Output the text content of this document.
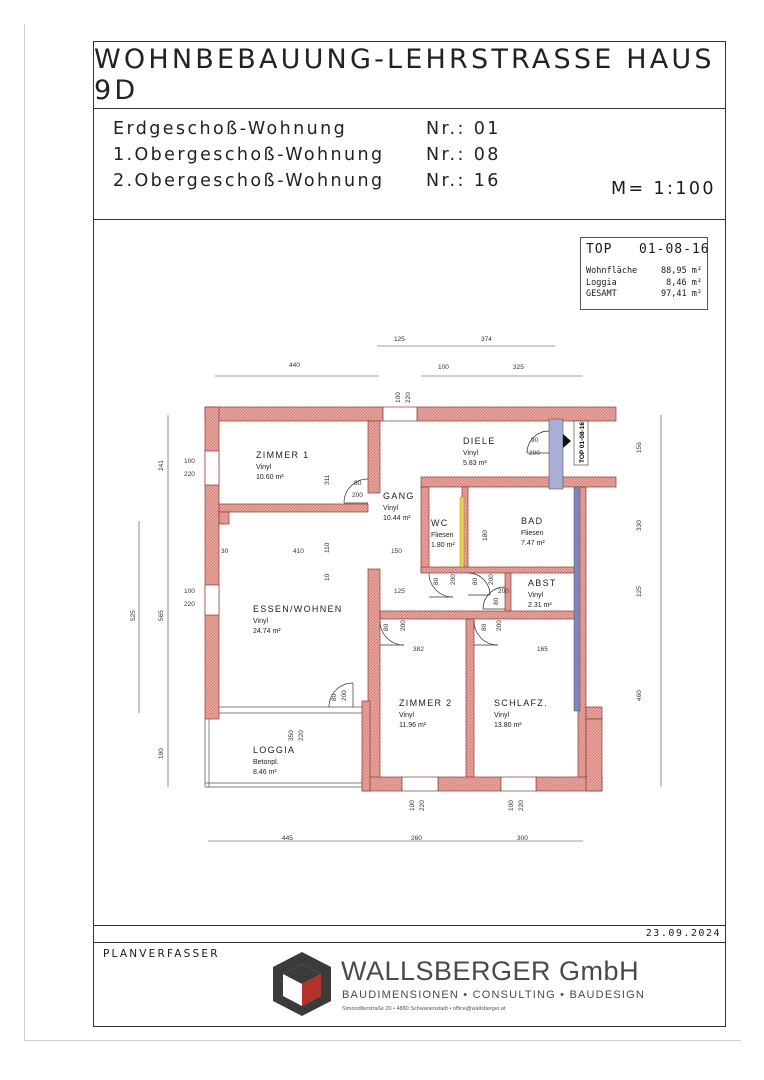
WOHNBEBAUUNG-LEHRSTRASSE HAUS 9D
Erdgeschoß-Wohnung	Nr.: 01
1.Obergeschoß-Wohnung Nr.: 08
2.Obergeschoß-Wohnung Nr.: 16	M= 1:100
TOP 01-08-16
Wohnfläche	88,95 m²
Loggia	8,46 m²
GESAMT	97,41 m²
TOP 01-08-16
ZIMMER 1
Vinyl
10.60 m²
DIELE
Vinyl
5.83 m²
GANG
Vinyl
10.44 m² WC
Fliesen
1.80 m²
BAD
Fliesen
7.47 m²
ABST
Vinyl
2.31 m²
ESSEN/WOHNEN
Vinyl
24.74 m²
ZIMMER 2
Vinyl
11.96 m²
SCHLAFZ.
Vinyl
13.80 m²
LOGGIA
Betonpl.
8.46 m²
440
125	374
100	325
445	260	300
241
311
525	565
190
156
330
125
460
100
220
100
220
350 220
100 220
100 220	100 220
80
200
80 200
90
200
80 200 80 200
80
200
80 200
80 200
410	150
30	110
10
180
125
382	165
23.09.2024
PLANVERFASSER
WALLSBERGER GmbH
BAUDIMENSIONEN • CONSULTING • BAUDESIGN
Simonditerstraße 20 • 4880 Schwanenstadt • office@wallsberger.at
